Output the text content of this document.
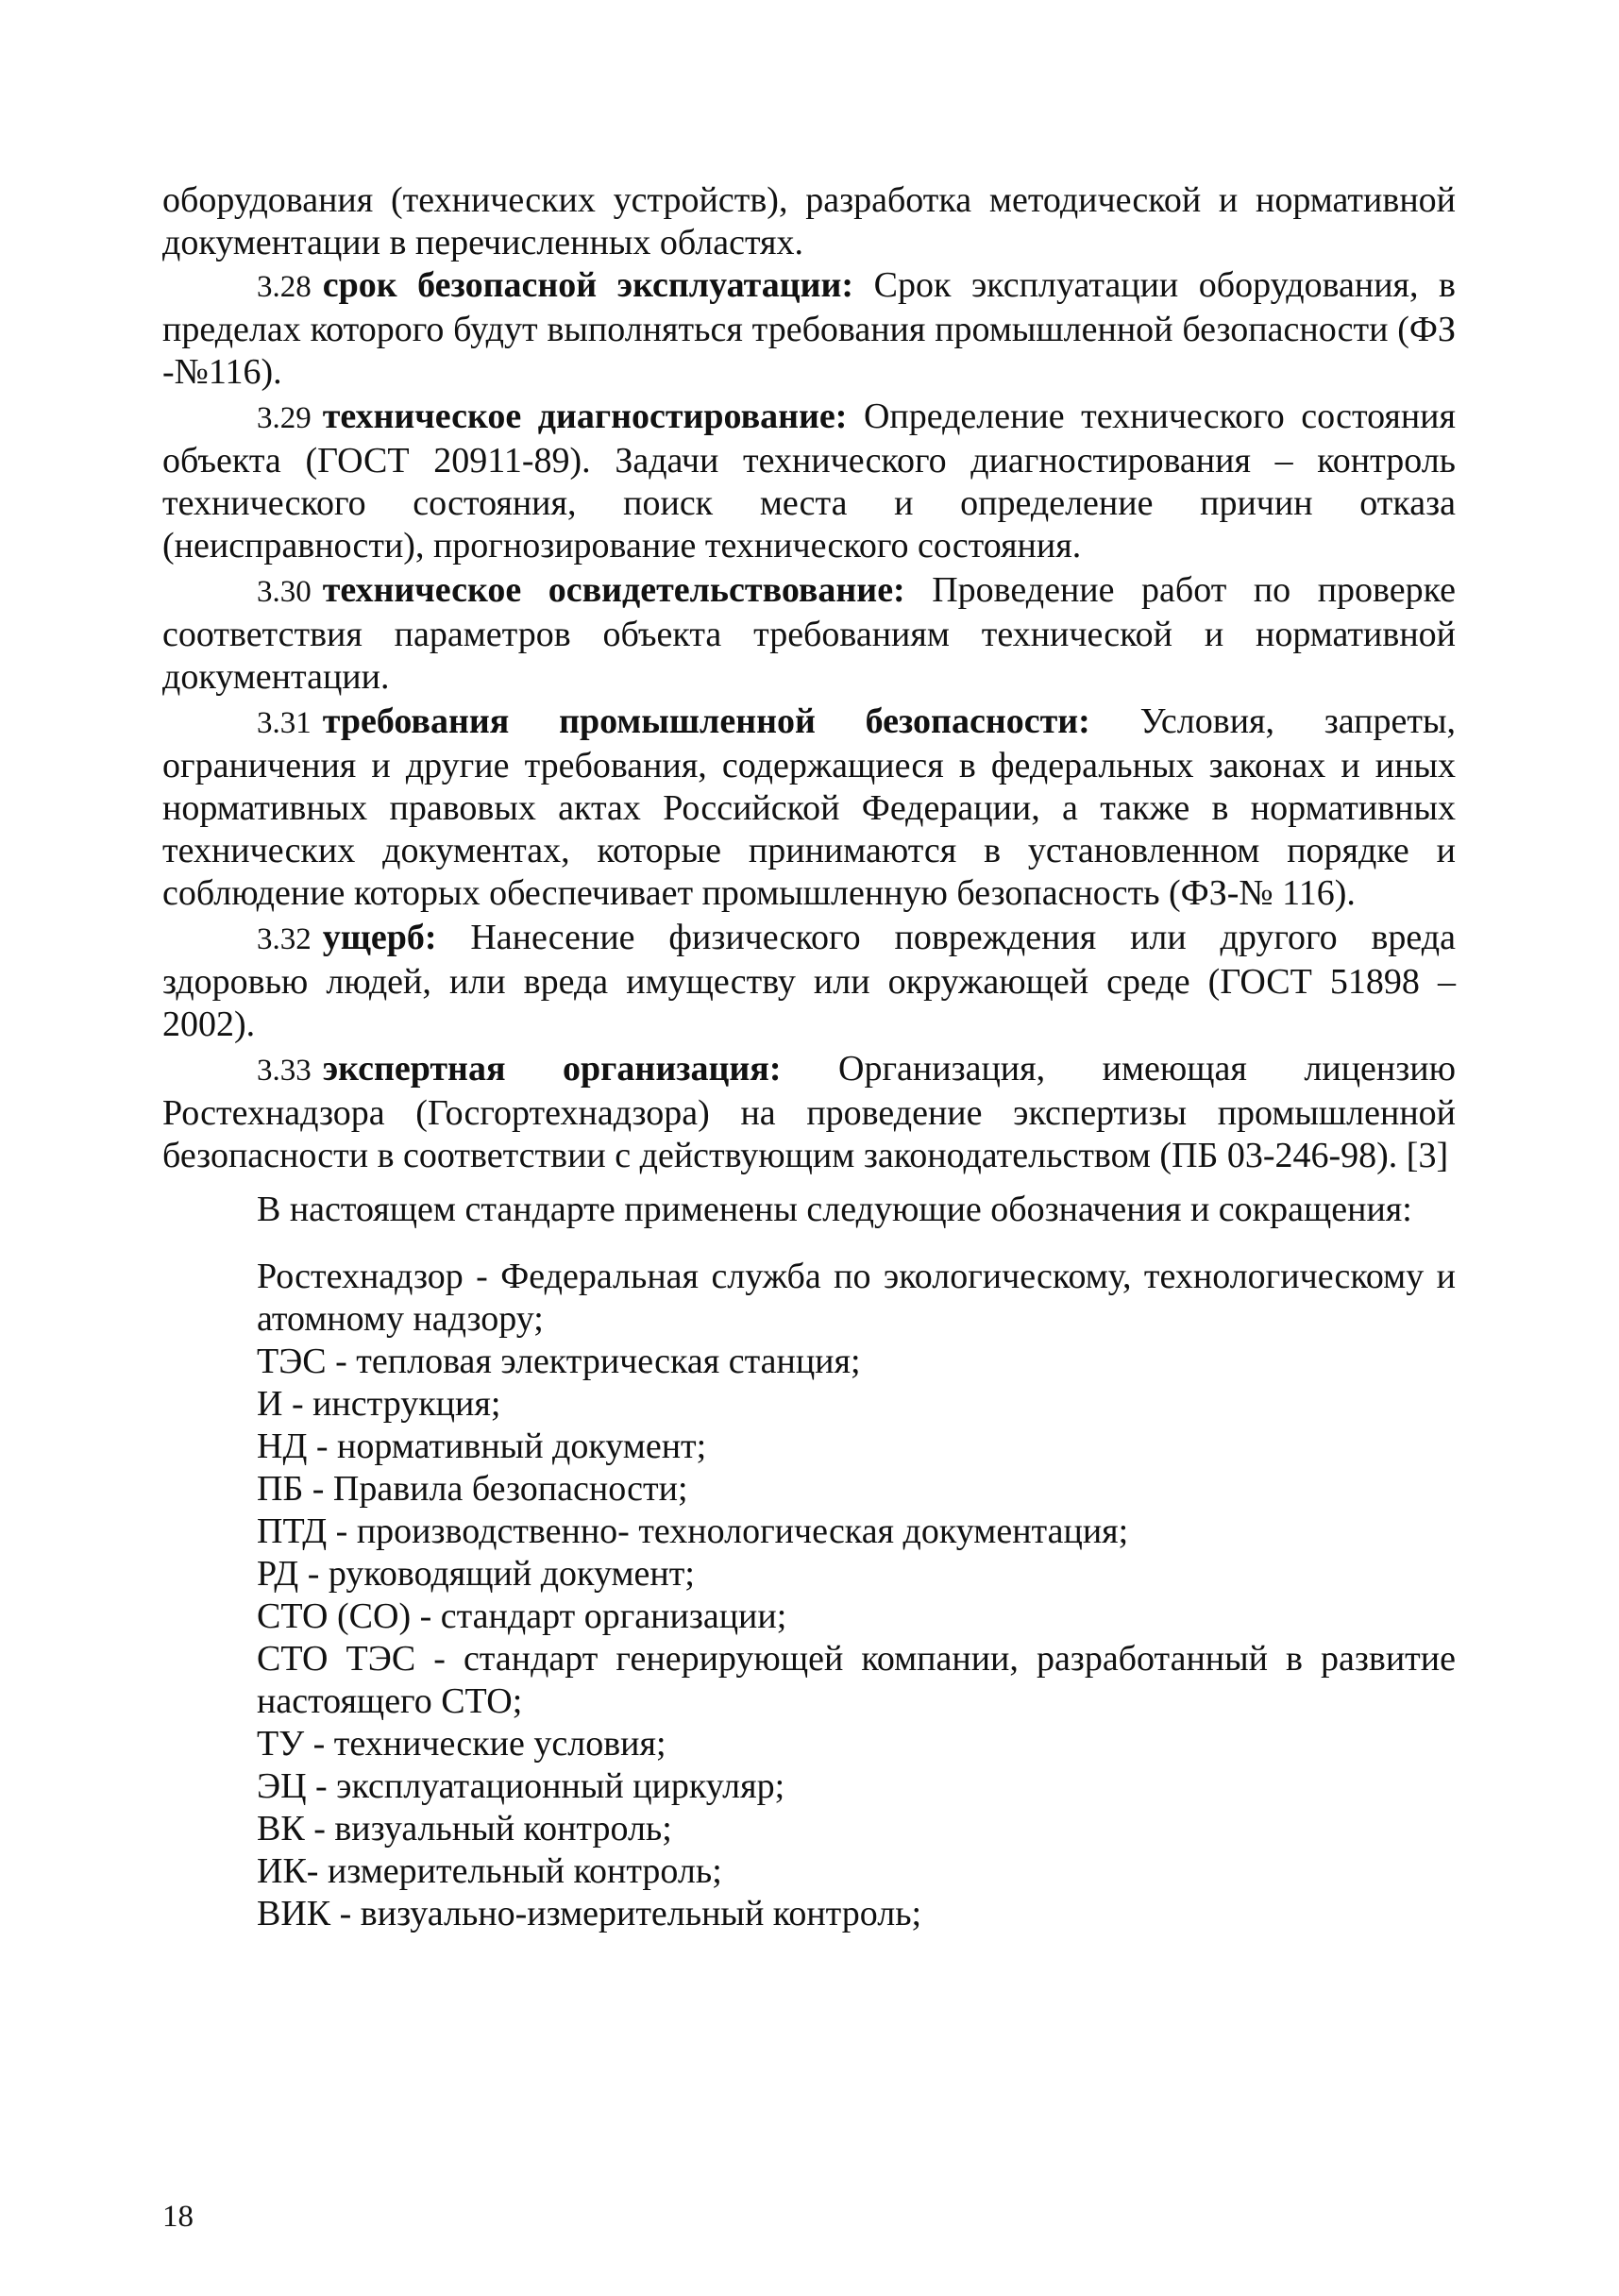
оборудования (технических устройств), разработка методической и нормативной документации в перечисленных областях.

3.28 срок безопасной эксплуатации: Срок эксплуатации оборудования, в пределах которого будут выполняться требования промышленной безопасности (ФЗ -№116).

3.29 техническое диагностирование: Определение технического состояния объекта (ГОСТ 20911-89). Задачи технического диагностирования – контроль технического состояния, поиск места и определение причин отказа (неисправности), прогнозирование технического состояния.

3.30 техническое освидетельствование: Проведение работ по проверке соответствия параметров объекта требованиям технической и нормативной документации.

3.31 требования промышленной безопасности: Условия, запреты, ограничения и другие требования, содержащиеся в федеральных законах и иных нормативных правовых актах Российской Федерации, а также в нормативных технических документах, которые принимаются в установленном порядке и соблюдение которых обеспечивает промышленную безопасность (ФЗ-№ 116).

3.32 ущерб: Нанесение физического повреждения или другого вреда здоровью людей, или вреда имуществу или окружающей среде (ГОСТ 51898 – 2002).

3.33 экспертная организация: Организация, имеющая лицензию Ростехнадзора (Госгортехнадзора) на проведение экспертизы промышленной безопасности в соответствии с действующим законодательством (ПБ 03-246-98). [3]

В настоящем стандарте применены следующие обозначения и сокращения:

Ростехнадзор - Федеральная служба по экологическому, технологическому и атомному надзору;

ТЭС - тепловая электрическая станция;

И - инструкция;

НД - нормативный документ;

ПБ - Правила безопасности;

ПТД - производственно- технологическая документация;

РД - руководящий документ;

СТО (СО) - стандарт организации;

СТО ТЭС - стандарт генерирующей компании, разработанный в развитие настоящего СТО;

ТУ - технические условия;

ЭЦ - эксплуатационный циркуляр;

ВК - визуальный контроль;

ИК- измерительный контроль;

ВИК - визуально-измерительный контроль;

18
